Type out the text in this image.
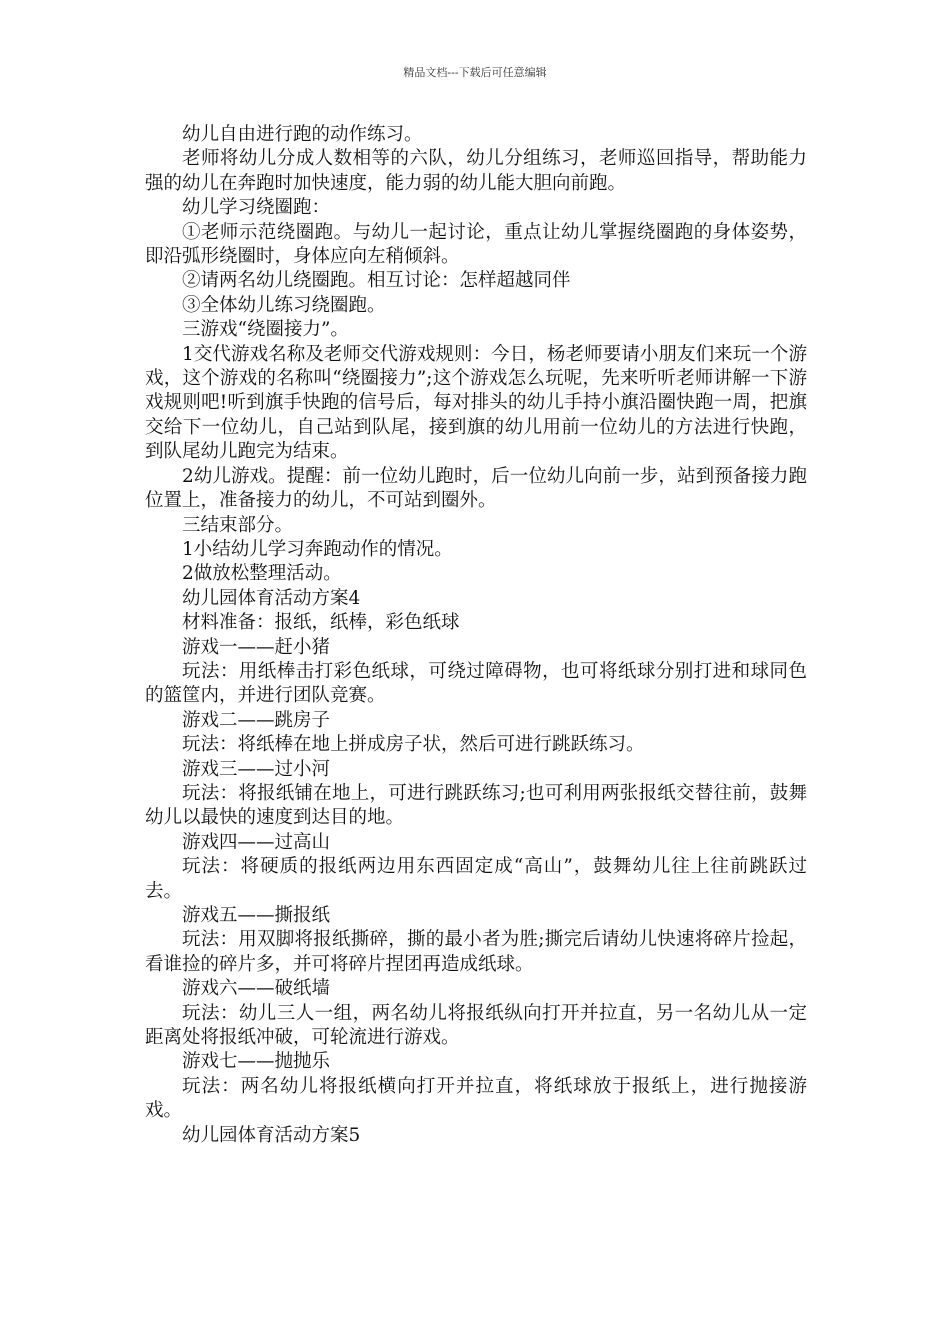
精品文档---下载后可任意编辑

幼儿自由进行跑的动作练习。

老师将幼儿分成人数相等的六队，幼儿分组练习，老师巡回指导，帮助能力强的幼儿在奔跑时加快速度，能力弱的幼儿能大胆向前跑。

幼儿学习绕圈跑：

①老师示范绕圈跑。与幼儿一起讨论，重点让幼儿掌握绕圈跑的身体姿势，即沿弧形绕圈时，身体应向左稍倾斜。

②请两名幼儿绕圈跑。相互讨论：怎样超越同伴

③全体幼儿练习绕圈跑。

三游戏“绕圈接力”。

1交代游戏名称及老师交代游戏规则：今日，杨老师要请小朋友们来玩一个游戏，这个游戏的名称叫“绕圈接力”;这个游戏怎么玩呢，先来听听老师讲解一下游戏规则吧!听到旗手快跑的信号后，每对排头的幼儿手持小旗沿圈快跑一周，把旗交给下一位幼儿，自己站到队尾，接到旗的幼儿用前一位幼儿的方法进行快跑，到队尾幼儿跑完为结束。

2幼儿游戏。提醒：前一位幼儿跑时，后一位幼儿向前一步，站到预备接力跑位置上，准备接力的幼儿，不可站到圈外。

三结束部分。

1小结幼儿学习奔跑动作的情况。

2做放松整理活动。

幼儿园体育活动方案4

材料准备：报纸，纸棒，彩色纸球

游戏一——赶小猪

玩法：用纸棒击打彩色纸球，可绕过障碍物，也可将纸球分别打进和球同色的篮筐内，并进行团队竞赛。

游戏二——跳房子

玩法：将纸棒在地上拼成房子状，然后可进行跳跃练习。

游戏三——过小河

玩法：将报纸铺在地上，可进行跳跃练习;也可利用两张报纸交替往前，鼓舞幼儿以最快的速度到达目的地。

游戏四——过高山

玩法：将硬质的报纸两边用东西固定成“高山”，鼓舞幼儿往上往前跳跃过去。

游戏五——撕报纸

玩法：用双脚将报纸撕碎，撕的最小者为胜;撕完后请幼儿快速将碎片捡起，看谁捡的碎片多，并可将碎片捏团再造成纸球。

游戏六——破纸墙

玩法：幼儿三人一组，两名幼儿将报纸纵向打开并拉直，另一名幼儿从一定距离处将报纸冲破，可轮流进行游戏。

游戏七——抛抛乐

玩法：两名幼儿将报纸横向打开并拉直，将纸球放于报纸上，进行抛接游戏。

幼儿园体育活动方案5
